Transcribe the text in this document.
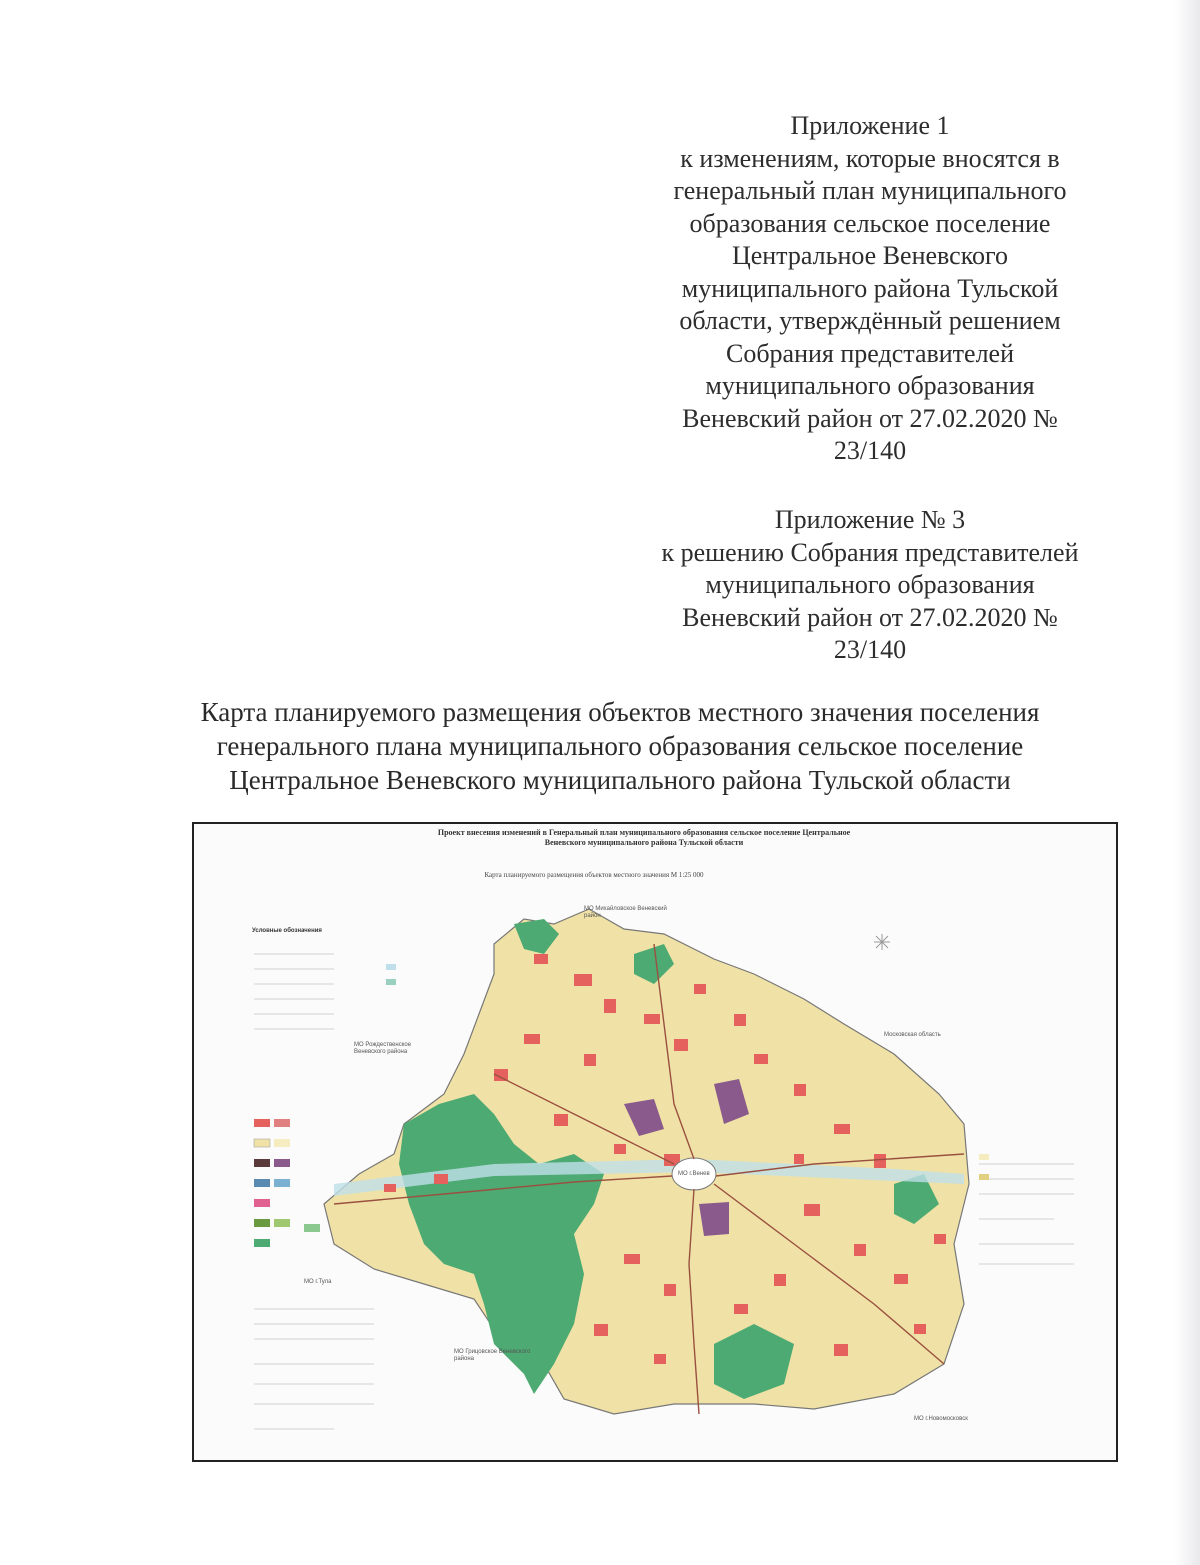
Приложение 1
к изменениям, которые вносятся в
генеральный план муниципального
образования сельское поселение
Центральное Веневского
муниципального района Тульской
области, утверждённый решением
Собрания представителей
муниципального образования
Веневский район от 27.02.2020 №
23/140
Приложение № 3
к решению Собрания представителей
муниципального образования
Веневский район от 27.02.2020 №
23/140
Карта планируемого размещения объектов местного значения поселения
генерального плана муниципального образования сельское поселение
Центральное Веневского муниципального района Тульской области
Проект внесения изменений в Генеральный план муниципального образования сельское поселение Центральное
Веневского муниципального района Тульской области
Карта планируемого размещения объектов местного значения М 1:25 000
Условные обозначения
МО Михайловское Веневский район
МО Рождественское Веневского района
Московская область
МО г.Венев
МО г.Тула
МО Грицовское Веневского района
МО г.Новомосковск
